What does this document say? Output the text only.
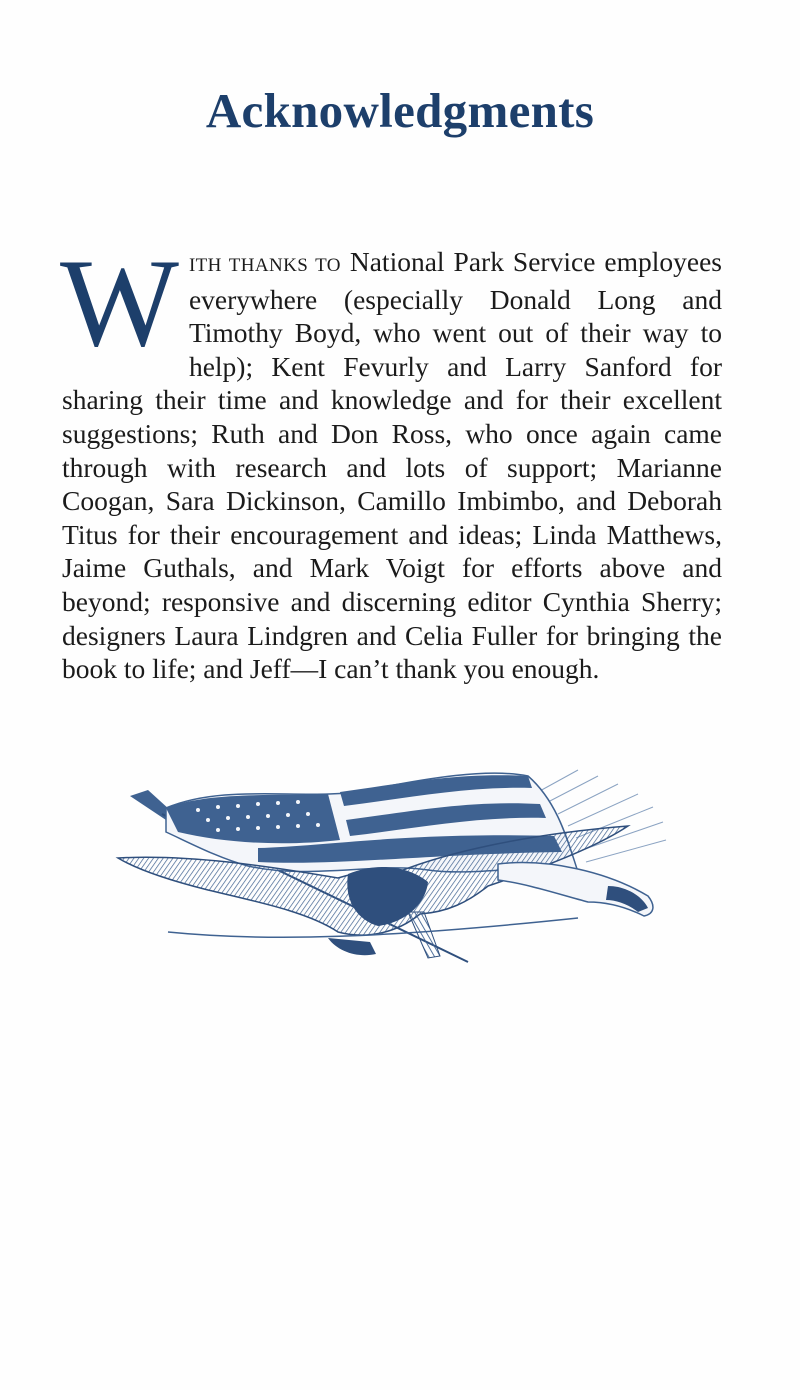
Acknowledgments

WITH THANKS TO National Park Service employees everywhere (especially Donald Long and Timothy Boyd, who went out of their way to help); Kent Fevurly and Larry Sanford for sharing their time and knowledge and for their excellent suggestions; Ruth and Don Ross, who once again came through with research and lots of support; Marianne Coogan, Sara Dickinson, Camillo Imbimbo, and Deborah Titus for their encouragement and ideas; Linda Matthews, Jaime Guthals, and Mark Voigt for efforts above and beyond; responsive and discerning editor Cynthia Sherry; designers Laura Lindgren and Celia Fuller for bringing the book to life; and Jeff—I can’t thank you enough.
